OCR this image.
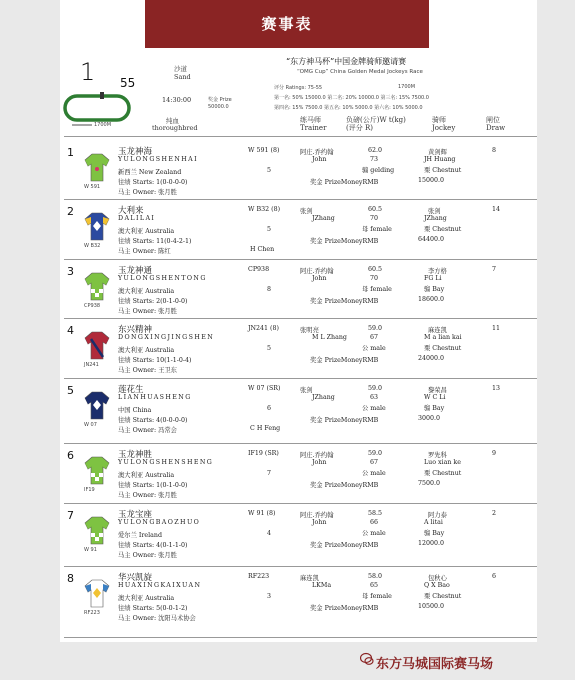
赛事表
1 55
沙道
Sand
14:30:00	奖金 Prize
50000.0
纯血
thoroughbred
1700M
“东方神马杯”中国金牌骑师邀请赛
“OMG Cup” China Golden Medal Jockeys Race
评分 Ratings: 75-55	1700M
第一名: 50% 15000.0 第二名: 20% 10000.0 第三名: 15% 7500.0
第四名: 15% 7500.0 第五名: 10% 5000.0 第六名: 10% 5000.0
练马师
Trainer
负磅(公斤)W t(kg)
(评分 R)
骑师
Jockey
闸位
Draw
1
W 591
玉龙神海
YULONGSHENHAI
新西兰 New Zealand
往绩 Starts: 1(0-0-0-0)
马主 Owner: 张月胜
W 591 (8)
5
阿庄.乔约翰
John
62.0
73
骟 gelding
奖金 PrizeMoneyRMB
黄剑辉
JH Huang
栗 Chestnut
15000.0
8
2
W B32
大利来
DALILAI
澳大利亚 Australia
往绩 Starts: 11(0-4-2-1)
马主 Owner: 陈红
W B32 (8)
5
张剑
JZhang
60.5
70
母 female
奖金 PrizeMoneyRMB
张剑
JZhang
栗 Chestnut
64400.0
14
H Chen
3
CP938
玉龙神通
YULONGSHENTONG
澳大利亚 Australia
往绩 Starts: 2(0-1-0-0)
马主 Owner: 张月胜
CP938
8
阿庄.乔约翰
John
60.5
70
母 female
奖金 PrizeMoneyRMB
李方格
FG Li
骝 Bay
18600.0
7
4
JN241
东兴精神
DONGXINGJINGSHEN
澳大利亚 Australia
往绩 Starts: 10(1-1-0-4)
马主 Owner: 王卫东
JN241 (8)
5
张明亮
M L Zhang
59.0
67
公 male
奖金 PrizeMoneyRMB
麻连凯
M a lian kai
栗 Chestnut
24000.0
11
5
W 07
莲花生
LIANHUASHENG
中国 China
往绩 Starts: 4(0-0-0-0)
马主 Owner: 冯常会
W 07 (SR)
6
张剑
JZhang
59.0
63
公 male
奖金 PrizeMoneyRMB
黎荣昌
W C Li
骝 Bay
3000.0
13
C H Feng
6
IF19
玉龙神胜
YULONGSHENSHENG
澳大利亚 Australia
往绩 Starts: 1(0-1-0-0)
马主 Owner: 张月胜
IF19 (SR)
7
阿庄.乔约翰
John
59.0
67
公 male
奖金 PrizeMoneyRMB
罗先科
Luo xian ke
栗 Chestnut
7500.0
9
7
W 91
玉龙宝座
YULONGBAOZHUO
爱尔兰 Ireland
往绩 Starts: 4(0-1-1-0)
马主 Owner: 张月胜
W 91 (8)
4
阿庄.乔约翰
John
58.5
66
公 male
奖金 PrizeMoneyRMB
阿力泰
A litai
骝 Bay
12000.0
2
8
RF223
华兴凯旋
HUAXINGKAIXUAN
澳大利亚 Australia
往绩 Starts: 5(0-0-1-2)
马主 Owner: 沈阳马术协会
RF223
3
麻连凯
LKMa
58.0
65
母 female
奖金 PrizeMoneyRMB
包秋心
Q X Bao
栗 Chestnut
10500.0
6
东方马城国际赛马场
